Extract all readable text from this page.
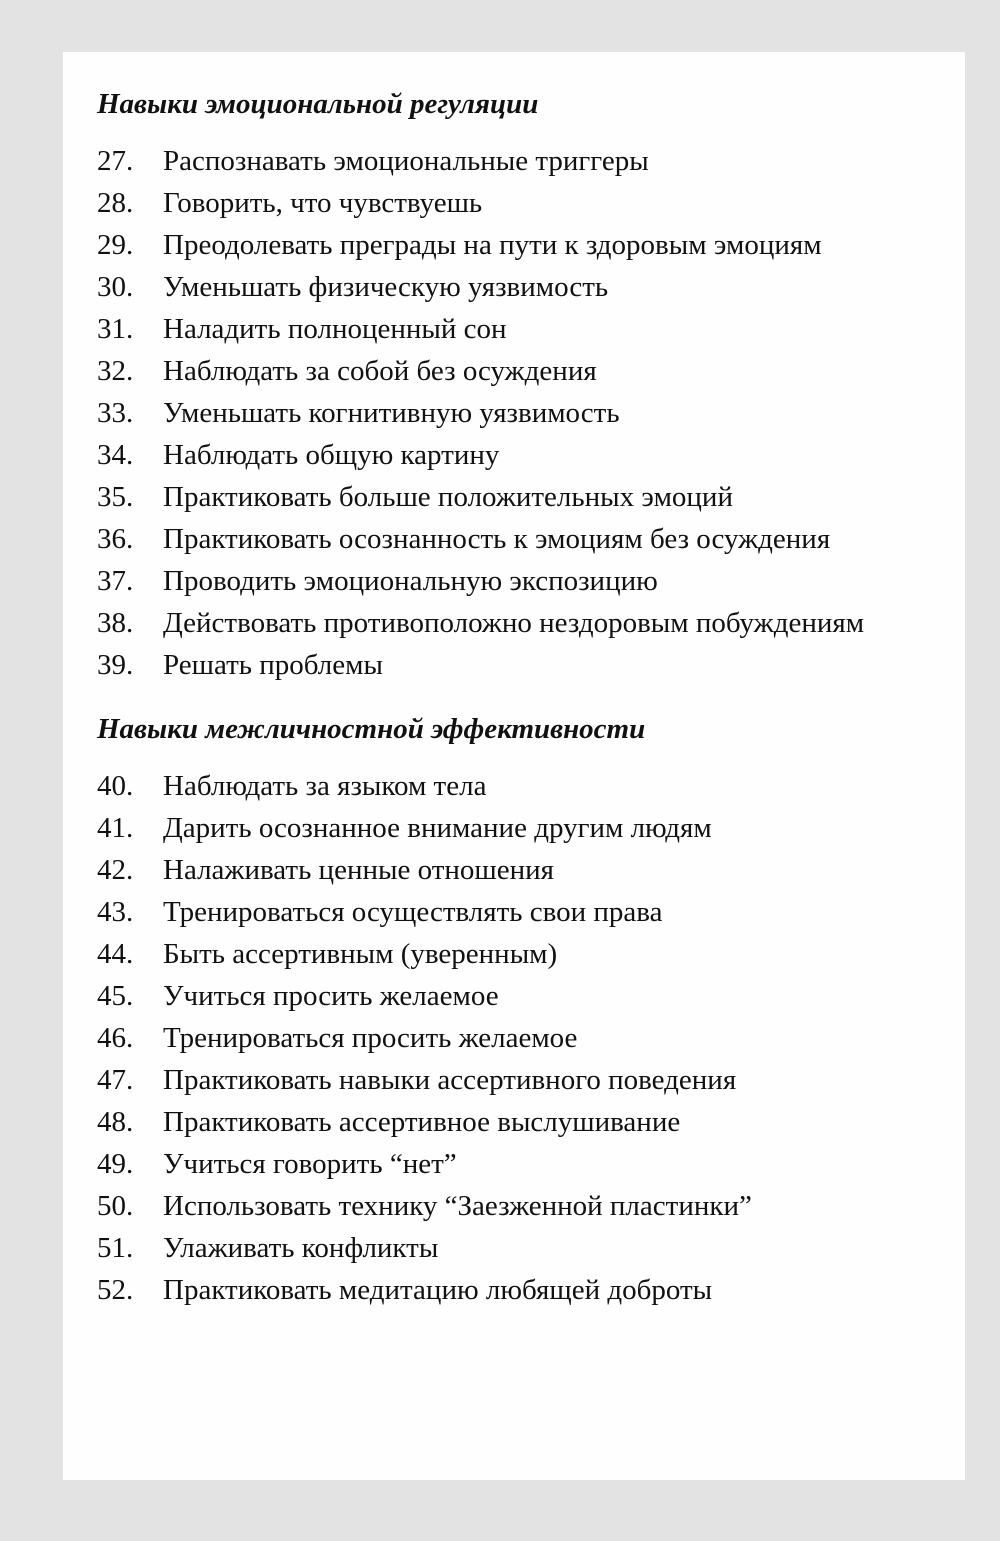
Навыки эмоциональной регуляции
27.	Распознавать эмоциональные триггеры
28.	Говорить, что чувствуешь
29.	Преодолевать преграды на пути к здоровым эмоциям
30.	Уменьшать физическую уязвимость
31.	Наладить полноценный сон
32.	Наблюдать за собой без осуждения
33.	Уменьшать когнитивную уязвимость
34.	Наблюдать общую картину
35.	Практиковать больше положительных эмоций
36.	Практиковать осознанность к эмоциям без осуждения
37.	Проводить эмоциональную экспозицию
38.	Действовать противоположно нездоровым побуждениям
39.	Решать проблемы
Навыки межличностной эффективности
40.	Наблюдать за языком тела
41.	Дарить осознанное внимание другим людям
42.	Налаживать ценные отношения
43.	Тренироваться осуществлять свои права
44.	Быть ассертивным (уверенным)
45.	Учиться просить желаемое
46.	Тренироваться просить желаемое
47.	Практиковать навыки ассертивного поведения
48.	Практиковать ассертивное выслушивание
49.	Учиться говорить “нет”
50.	Использовать технику “Заезженной пластинки”
51.	Улаживать конфликты
52.	Практиковать медитацию любящей доброты
